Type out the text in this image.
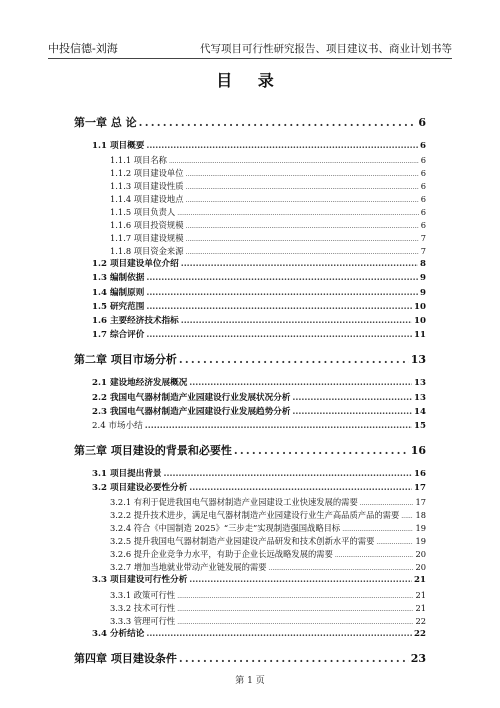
中投信德-刘海	代写项目可行性研究报告、项目建议书、商业计划书等
目 录
第一章 总 论 .....	6
1.1 项目概要 .....	6
1.1.1 项目名称 .....	6
1.1.2 项目建设单位 .....	6
1.1.3 项目建设性质 .....	6
1.1.4 项目建设地点 .....	6
1.1.5 项目负责人 .....	6
1.1.6 项目投资规模 .....	6
1.1.7 项目建设规模 .....	7
1.1.8 项目资金来源 .....	7
1.2 项目建设单位介绍 .....	8
1.3 编制依据 .....	9
1.4 编制原则 .....	9
1.5 研究范围 .....	10
1.6 主要经济技术指标 .....	10
1.7 综合评价 .....	11
第二章 项目市场分析 .....	13
2.1 建设地经济发展概况 .....	13
2.2 我国电气器材制造产业园建设行业发展状况分析 .....	13
2.3 我国电气器材制造产业园建设行业发展趋势分析 .....	14
2.4 市场小结 .....	15
第三章 项目建设的背景和必要性 .....	16
3.1 项目提出背景 .....	16
3.2 项目建设必要性分析 .....	17
3.2.1 有利于促进我国电气器材制造产业园建设工业快速发展的需要 .....	17
3.2.2 提升技术进步，满足电气器材制造产业园建设行业生产高品质产品的需要 ..... 18
3.2.4 符合《中国制造 2025》“三步走”实现制造强国战略目标 .....	19
3.2.5 提升我国电气器材制造产业园建设产品研发和技术创新水平的需要 .....	19
3.2.6 提升企业竞争力水平，有助于企业长远战略发展的需要 .....	20
3.2.7 增加当地就业带动产业链发展的需要 .....	20
3.3 项目建设可行性分析 .....	21
3.3.1 政策可行性 .....	21
3.3.2 技术可行性 .....	21
3.3.3 管理可行性 .....	22
3.4 分析结论 .....	22
第四章 项目建设条件 .....	23
第 1 页
